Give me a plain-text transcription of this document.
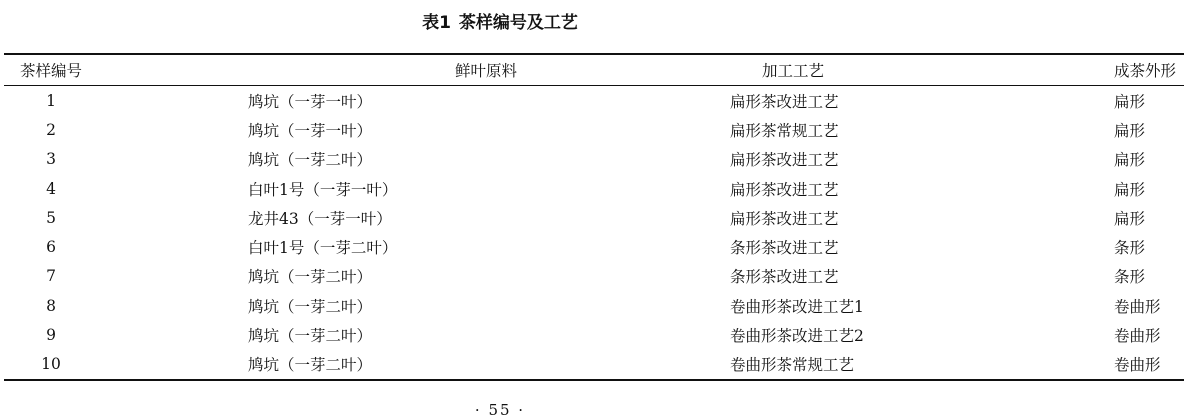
表1 茶样编号及工艺
茶样编号	鲜叶原料	加工工艺	成茶外形
1	鸠坑（一芽一叶）	扁形茶改进工艺	扁形
2	鸠坑（一芽一叶）	扁形茶常规工艺	扁形
3	鸠坑（一芽二叶）	扁形茶改进工艺	扁形
4	白叶1号（一芽一叶）	扁形茶改进工艺	扁形
5	龙井43（一芽一叶）	扁形茶改进工艺	扁形
6	白叶1号（一芽二叶）	条形茶改进工艺	条形
7	鸠坑（一芽二叶）	条形茶改进工艺	条形
8	鸠坑（一芽二叶）	卷曲形茶改进工艺1	卷曲形
9	鸠坑（一芽二叶）	卷曲形茶改进工艺2	卷曲形
10	鸠坑（一芽二叶）	卷曲形茶常规工艺	卷曲形
· 55 ·
